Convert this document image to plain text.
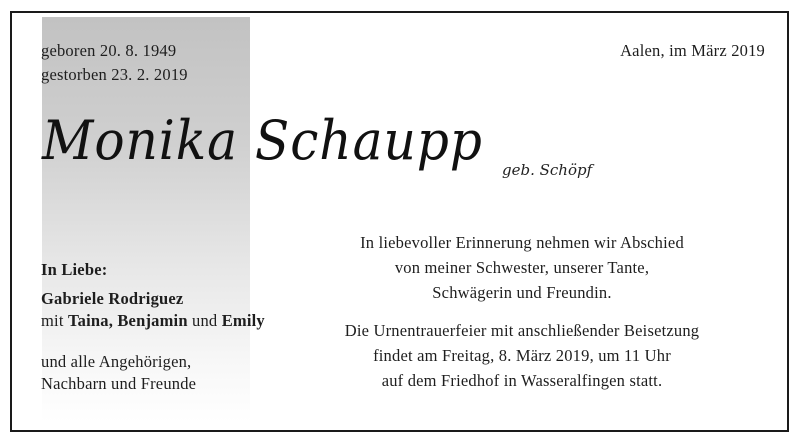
geboren 20. 8. 1949
gestorben 23. 2. 2019
Aalen, im März 2019
Monika Schaupp geb. Schöpf
In Liebe:
Gabriele Rodriguez
mit Taina, Benjamin und Emily
und alle Angehörigen,
Nachbarn und Freunde
In liebevoller Erinnerung nehmen wir Abschied
von meiner Schwester, unserer Tante,
Schwägerin und Freundin.
Die Urnentrauerfeier mit anschließender Beisetzung
findet am Freitag, 8. März 2019, um 11 Uhr
auf dem Friedhof in Wasseralfingen statt.
